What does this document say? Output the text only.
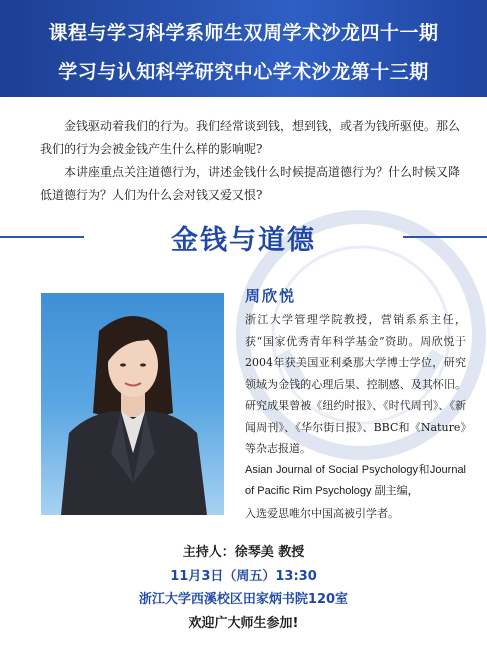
课程与学习科学系师生双周学术沙龙四十一期
学习与认知科学研究中心学术沙龙第十三期
金钱驱动着我们的行为。我们经常谈到钱，想到钱，或者为钱所驱使。那么我们的行为会被金钱产生什么样的影响呢?
本讲座重点关注道德行为，讲述金钱什么时候提高道德行为？什么时候又降低道德行为？人们为什么会对钱又爱又恨?
金钱与道德
周欣悦

浙江大学管理学院教授，营销系系主任，获“国家优秀青年科学基金”资助。周欣悦于2004年获美国亚利桑那大学博士学位，研究领域为金钱的心理后果、控制感、及其怀旧。研究成果曾被《纽约时报》、《时代周刊》、《新闻周刊》、《华尔街日报》、BBC和《Nature》等杂志报道。

Asian Journal of Social Psychology和Journal of Pacific Rim Psychology 副主编，

入选爱思唯尔中国高被引学者。

主持人：徐琴美 教授
11月3日（周五）13:30
浙江大学西溪校区田家炳书院120室
欢迎广大师生参加!
